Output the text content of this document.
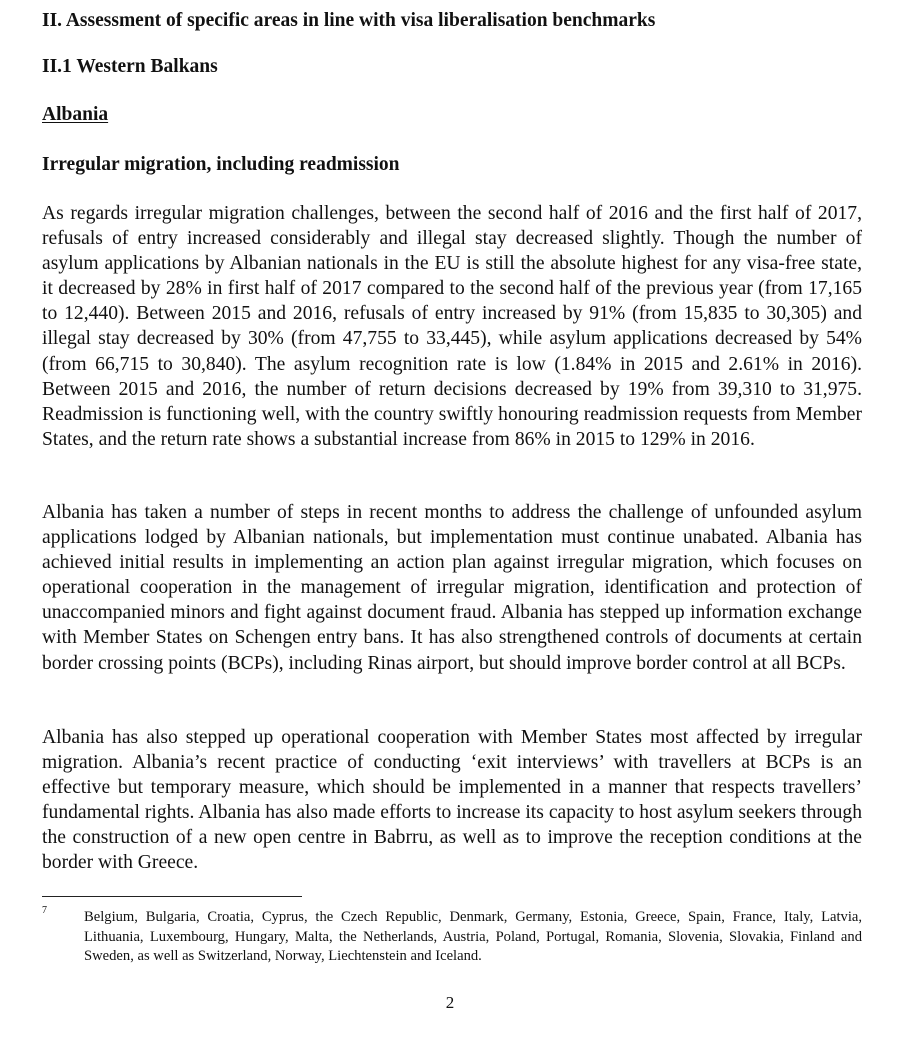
II. Assessment of specific areas in line with visa liberalisation benchmarks
II.1 Western Balkans
Albania
Irregular migration, including readmission

As regards irregular migration challenges, between the second half of 2016 and the first half of 2017, refusals of entry increased considerably and illegal stay decreased slightly. Though the number of asylum applications by Albanian nationals in the EU is still the absolute highest for any visa-free state, it decreased by 28% in first half of 2017 compared to the second half of the previous year (from 17,165 to 12,440). Between 2015 and 2016, refusals of entry increased by 91% (from 15,835 to 30,305) and illegal stay decreased by 30% (from 47,755 to 33,445), while asylum applications decreased by 54% (from 66,715 to 30,840). The asylum recognition rate is low (1.84% in 2015 and 2.61% in 2016). Between 2015 and 2016, the number of return decisions decreased by 19% from 39,310 to 31,975. Readmission is functioning well, with the country swiftly honouring readmission requests from Member States, and the return rate shows a substantial increase from 86% in 2015 to 129% in 2016.

Albania has taken a number of steps in recent months to address the challenge of unfounded asylum applications lodged by Albanian nationals, but implementation must continue unabated. Albania has achieved initial results in implementing an action plan against irregular migration, which focuses on operational cooperation in the management of irregular migration, identification and protection of unaccompanied minors and fight against document fraud. Albania has stepped up information exchange with Member States on Schengen entry bans. It has also strengthened controls of documents at certain border crossing points (BCPs), including Rinas airport, but should improve border control at all BCPs.

Albania has also stepped up operational cooperation with Member States most affected by irregular migration. Albania’s recent practice of conducting ‘exit interviews’ with travellers at BCPs is an effective but temporary measure, which should be implemented in a manner that respects travellers’ fundamental rights. Albania has also made efforts to increase its capacity to host asylum seekers through the construction of a new open centre in Babrru, as well as to improve the reception conditions at the border with Greece.

7	Belgium, Bulgaria, Croatia, Cyprus, the Czech Republic, Denmark, Germany, Estonia, Greece, Spain, France, Italy, Latvia, Lithuania, Luxembourg, Hungary, Malta, the Netherlands, Austria, Poland, Portugal, Romania, Slovenia, Slovakia, Finland and Sweden, as well as Switzerland, Norway, Liechtenstein and Iceland.

2
